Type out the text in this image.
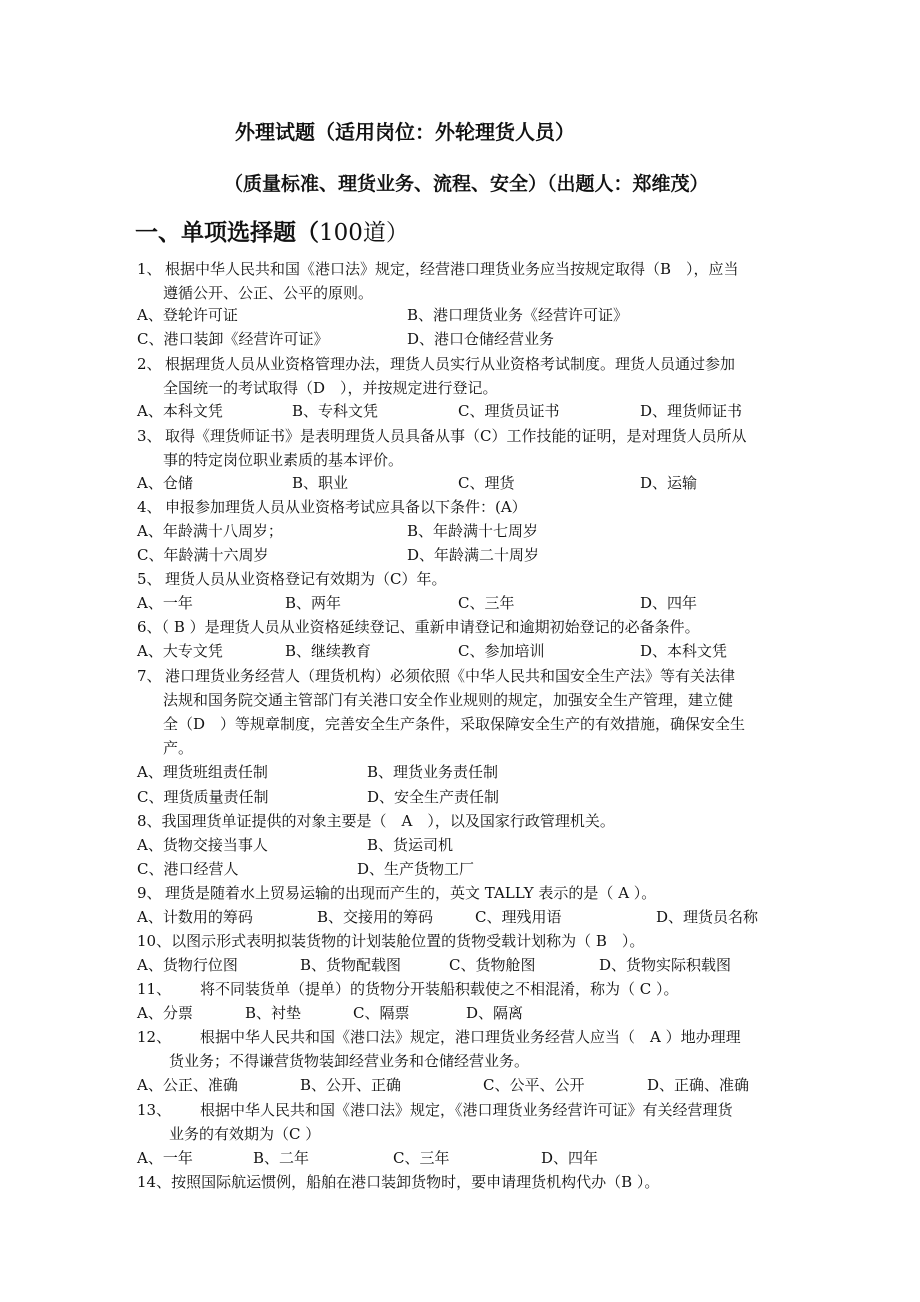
外理试题（适用岗位：外轮理货人员）
（质量标准、理货业务、流程、安全）（出题人：郑维茂）
一、单项选择题（100道）
1、 根据中华人民共和国《港口法》规定，经营港口理货业务应当按规定取得（B　），应当
遵循公开、公正、公平的原则。
A、登轮许可证	B、港口理货业务《经营许可证》
C、港口装卸《经营许可证》	D、港口仓储经营业务
2、 根据理货人员从业资格管理办法，理货人员实行从业资格考试制度。理货人员通过参加
全国统一的考试取得（D　），并按规定进行登记。
A、本科文凭	B、专科文凭	C、理货员证书	D、理货师证书
3、 取得《理货师证书》是表明理货人员具备从事（C）工作技能的证明，是对理货人员所从
事的特定岗位职业素质的基本评价。
A、仓储	B、职业	C、理货	D、运输
4、 申报参加理货人员从业资格考试应具备以下条件：(A）
A、年龄满十八周岁；	B、年龄满十七周岁
C、年龄满十六周岁	D、年龄满二十周岁
5、 理货人员从业资格登记有效期为（C）年。
A、一年	B、两年	C、三年	D、四年
6、（ B ）是理货人员从业资格延续登记、重新申请登记和逾期初始登记的必备条件。
A、大专文凭	B、继续教育	C、参加培训	D、本科文凭
7、 港口理货业务经营人（理货机构）必须依照《中华人民共和国安全生产法》等有关法律
法规和国务院交通主管部门有关港口安全作业规则的规定，加强安全生产管理，建立健
全（D　）等规章制度，完善安全生产条件，采取保障安全生产的有效措施，确保安全生
产。
A、理货班组责任制	B、理货业务责任制
C、理货质量责任制	D、安全生产责任制
8、我国理货单证提供的对象主要是（　A　），以及国家行政管理机关。
A、货物交接当事人	B、货运司机
C、港口经营人	D、生产货物工厂
9、 理货是随着水上贸易运输的出现而产生的，英文 TALLY 表示的是（ A ）。
A、计数用的筹码	B、交接用的筹码	C、理残用语	D、理货员名称
10、以图示形式表明拟装货物的计划装舱位置的货物受载计划称为（ B　）。
A、货物行位图	B、货物配载图	C、货物舱图	D、货物实际积载图
11、 将不同装货单（提单）的货物分开装船积载使之不相混淆，称为（ C ）。
A、分票	B、衬垫	C、隔票	D、隔离
12、 根据中华人民共和国《港口法》规定，港口理货业务经营人应当（　A ）地办理理
货业务；不得谦营货物装卸经营业务和仓储经营业务。
A、公正、准确	B、公开、正确	C、公平、公开	D、正确、准确
13、 根据中华人民共和国《港口法》规定，《港口理货业务经营许可证》有关经营理货
业务的有效期为（C ）
A、一年	B、二年	C、三年	D、四年
14、按照国际航运惯例，船舶在港口装卸货物时，要申请理货机构代办（B ）。
